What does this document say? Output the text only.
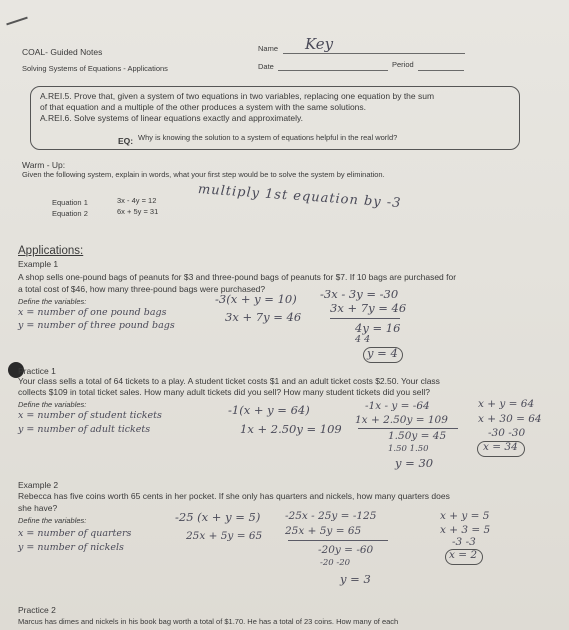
COAL- Guided Notes
Solving Systems of Equations - Applications
Name Key
Date	Period
A.REI.5. Prove that, given a system of two equations in two variables, replacing one equation by the sum
of that equation and a multiple of the other produces a system with the same solutions.
A.REI.6. Solve systems of linear equations exactly and approximately.
EQ: Why is knowing the solution to a system of equations helpful in the real world?
Warm - Up:
Given the following system, explain in words, what your first step would be to solve the system by elimination.
Equation 1	3x - 4y = 12
Equation 2	6x + 5y = 31
multiply 1st equation by -3
Applications:
Example 1
A shop sells one-pound bags of peanuts for $3 and three-pound bags of peanuts for $7. If 10 bags are purchased for
a total cost of $46, how many three-pound bags were purchased?
Define the variables:
x = number of one pound bags
y = number of three pound bags
-3(x + y = 10)
3x + 7y = 46
-3x - 3y = -30
3x + 7y = 46
4y = 16
4 4
y = 4
Practice 1
Your class sells a total of 64 tickets to a play. A student ticket costs $1 and an adult ticket costs $2.50. Your class
collects $109 in total ticket sales. How many adult tickets did you sell? How many student tickets did you sell?
Define the variables:
x = number of student tickets
y = number of adult tickets
-1(x + y = 64)
1x + 2.50y = 109
-1x - y = -64
1x + 2.50y = 109
1.50y = 45
1.50 1.50
y = 30
x + y = 64
x + 30 = 64
-30 -30
x = 34
Example 2
Rebecca has five coins worth 65 cents in her pocket. If she only has quarters and nickels, how many quarters does
she have?
Define the variables:
x = number of quarters
y = number of nickels
-25 (x + y = 5)
25x + 5y = 65
-25x - 25y = -125
25x + 5y = 65
-20y = -60
-20 -20
y = 3
x + y = 5
x + 3 = 5
-3 -3
x = 2
Practice 2
Marcus has dimes and nickels in his book bag worth a total of $1.70. He has a total of 23 coins. How many of each
